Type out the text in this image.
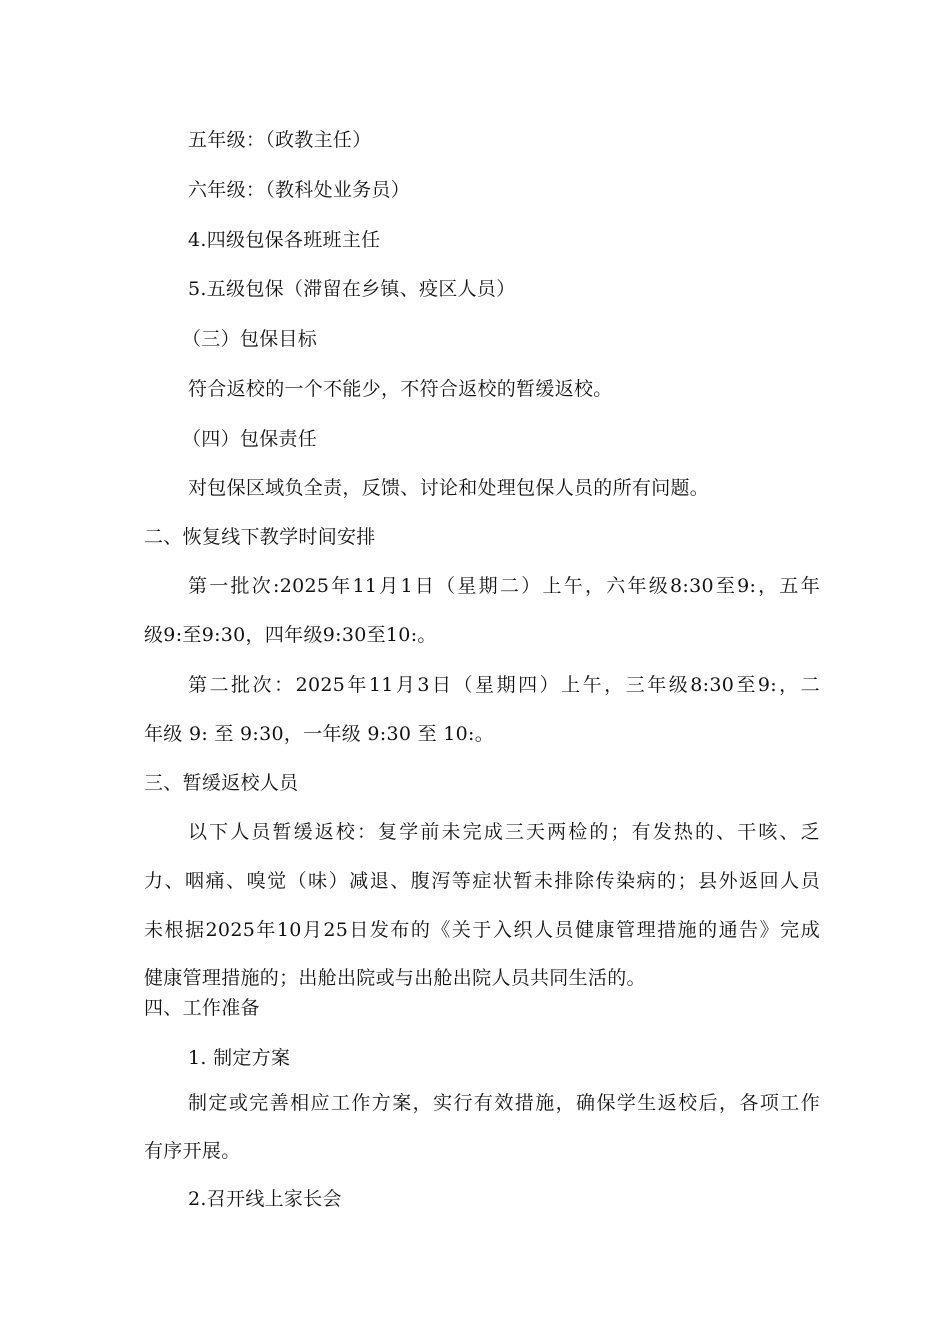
五年级：（政教主任）
六年级：（教科处业务员）
4.四级包保各班班主任
5.五级包保（滞留在乡镇、疫区人员）
（三）包保目标
符合返校的一个不能少，不符合返校的暂缓返校。
（四）包保责任
对包保区域负全责，反馈、讨论和处理包保人员的所有问题。
二、恢复线下教学时间安排
第一批次:2025年11月1日（星期二）上午，六年级8:30至9:，五年
级9:至9:30，四年级9:30至10:。
第二批次：2025年11月3日（星期四）上午，三年级8:30至9:，二
年级 9: 至 9:30，一年级 9:30 至 10:。
三、暂缓返校人员
以下人员暂缓返校：复学前未完成三天两检的；有发热的、干咳、乏
力、咽痛、嗅觉（味）减退、腹泻等症状暂未排除传染病的；县外返回人员
未根据2025年10月25日发布的《关于入织人员健康管理措施的通告》完成
健康管理措施的；出舱出院或与出舱出院人员共同生活的。
四、工作准备
1. 制定方案
制定或完善相应工作方案，实行有效措施，确保学生返校后，各项工作
有序开展。
2.召开线上家长会
